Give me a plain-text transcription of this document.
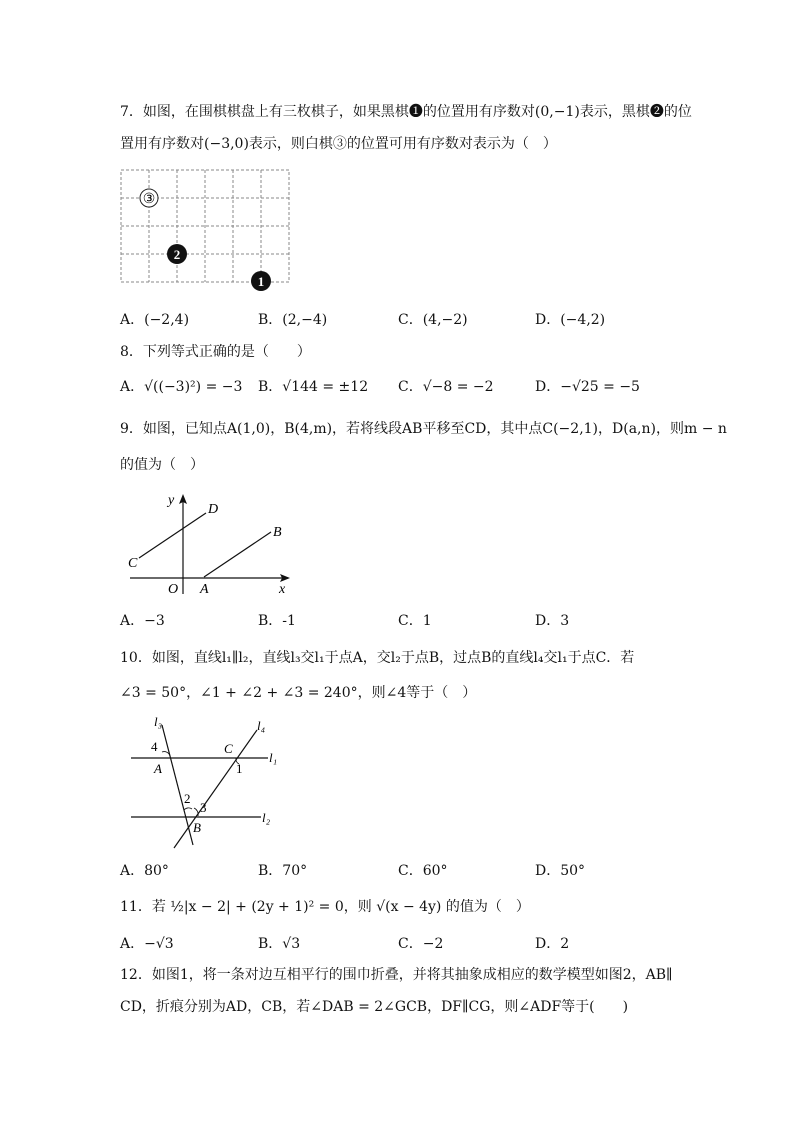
7．如图，在围棋棋盘上有三枚棋子，如果黑棋❶的位置用有序数对(0,−1)表示，黑棋❷的位
置用有序数对(−3,0)表示，则白棋③的位置可用有序数对表示为（　）
③
2
1
A．(−2,4)	B．(2,−4)	C．(4,−2)	D．(−4,2)
8．下列等式正确的是（　　）
A．√((−3)²) = −3 B．√144 = ±12 C．√−8 = −2	D．−√25 = −5
9．如图，已知点A(1,0)，B(4,m)，若将线段AB平移至CD，其中点C(−2,1)，D(a,n)，则m − n
的值为（　）
y
x
O A
B
C
D
A．−3	B．-1	C．1	D．3
10．如图，直线l₁∥l₂，直线l₃交l₁于点A，交l₂于点B，过点B的直线l₄交l₁于点C．若
∠3 = 50°，∠1 + ∠2 + ∠3 = 240°，则∠4等于（　）
l₃	l₄
l₁
l₂
4
A
C
1
2
3
B
A．80°	B．70°	C．60°	D．50°
11．若 ½|x − 2| + (2y + 1)² = 0，则 √(x − 4y) 的值为（　）
A．−√3	B．√3	C．−2	D．2
12．如图1，将一条对边互相平行的围巾折叠，并将其抽象成相应的数学模型如图2，AB∥
CD，折痕分别为AD，CB，若∠DAB = 2∠GCB，DF∥CG，则∠ADF等于(　　)
